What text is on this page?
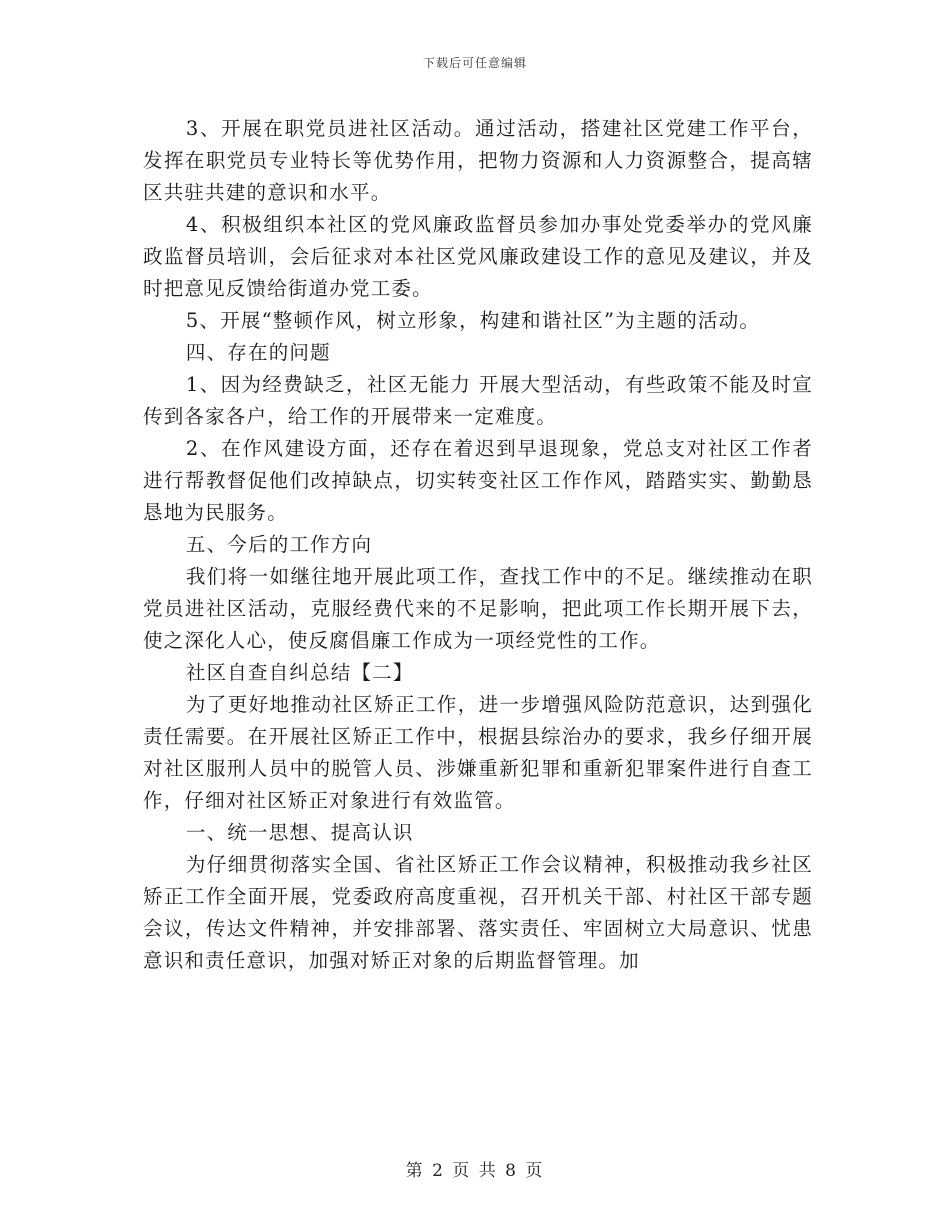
下载后可任意编辑

3、开展在职党员进社区活动。通过活动，搭建社区党建工作平台，发挥在职党员专业特长等优势作用，把物力资源和人力资源整合，提高辖区共驻共建的意识和水平。

4、积极组织本社区的党风廉政监督员参加办事处党委举办的党风廉政监督员培训，会后征求对本社区党风廉政建设工作的意见及建议，并及时把意见反馈给街道办党工委。

5、开展“整顿作风，树立形象，构建和谐社区”为主题的活动。

四、存在的问题

1、因为经费缺乏，社区无能力 开展大型活动，有些政策不能及时宣传到各家各户，给工作的开展带来一定难度。

2、在作风建设方面，还存在着迟到早退现象，党总支对社区工作者进行帮教督促他们改掉缺点，切实转变社区工作作风，踏踏实实、勤勤恳恳地为民服务。

五、今后的工作方向

我们将一如继往地开展此项工作，查找工作中的不足。继续推动在职党员进社区活动，克服经费代来的不足影响，把此项工作长期开展下去，使之深化人心，使反腐倡廉工作成为一项经党性的工作。

社区自查自纠总结【二】

为了更好地推动社区矫正工作，进一步增强风险防范意识，达到强化责任需要。在开展社区矫正工作中，根据县综治办的要求，我乡仔细开展对社区服刑人员中的脱管人员、涉嫌重新犯罪和重新犯罪案件进行自查工作，仔细对社区矫正对象进行有效监管。

一、统一思想、提高认识

为仔细贯彻落实全国、省社区矫正工作会议精神，积极推动我乡社区矫正工作全面开展，党委政府高度重视，召开机关干部、村社区干部专题会议，传达文件精神，并安排部署、落实责任、牢固树立大局意识、忧患意识和责任意识，加强对矫正对象的后期监督管理。加

第 2 页 共 8 页
